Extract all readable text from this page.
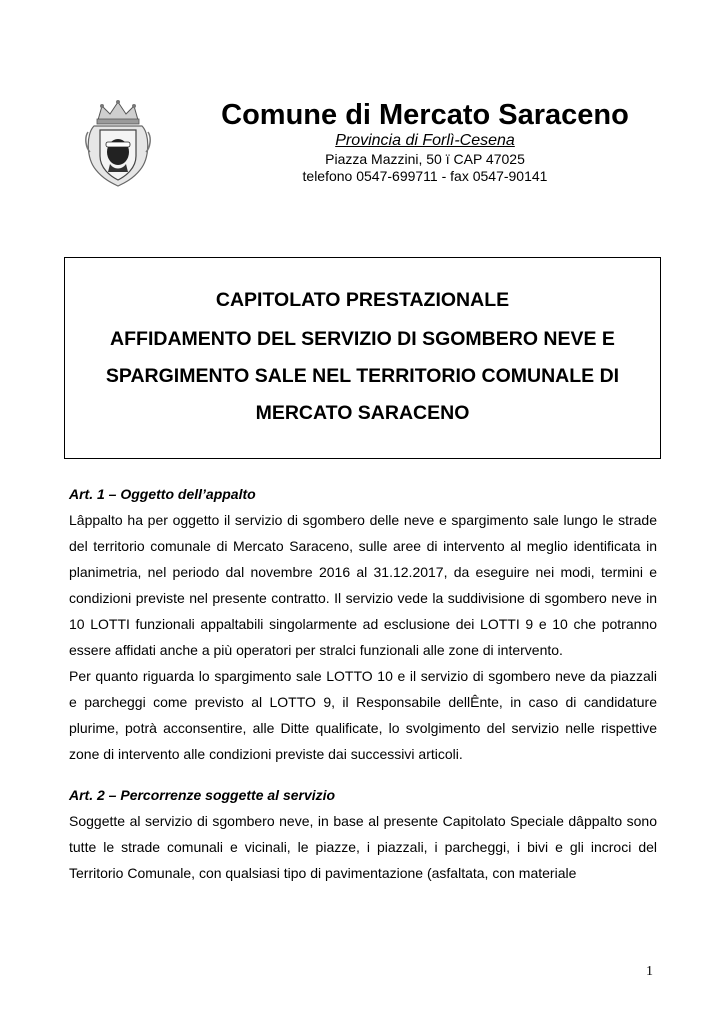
Comune di Mercato Saraceno
Provincia di Forlì-Cesena
Piazza Mazzini, 50 ï CAP 47025
telefono 0547-699711 - fax 0547-90141
CAPITOLATO PRESTAZIONALE
AFFIDAMENTO DEL SERVIZIO DI SGOMBERO NEVE E
SPARGIMENTO SALE NEL TERRITORIO COMUNALE DI
MERCATO SARACENO

Art. 1 – Oggetto dell’appalto

Lâppalto ha per oggetto il servizio di sgombero delle neve e spargimento sale lungo le strade del territorio comunale di Mercato Saraceno, sulle aree di intervento al meglio identificata in planimetria, nel periodo dal novembre 2016 al 31.12.2017, da eseguire nei modi, termini e condizioni previste nel presente contratto. Il servizio vede la suddivisione di sgombero neve in 10 LOTTI funzionali appaltabili singolarmente ad esclusione dei LOTTI 9 e 10 che potranno essere affidati anche a più operatori per stralci funzionali alle zone di intervento.

Per quanto riguarda lo spargimento sale LOTTO 10 e il servizio di sgombero neve da piazzali e parcheggi come previsto al LOTTO 9, il Responsabile dellÊnte, in caso di candidature plurime, potrà acconsentire, alle Ditte qualificate, lo svolgimento del servizio nelle rispettive zone di intervento alle condizioni previste dai successivi articoli.

Art. 2 – Percorrenze soggette al servizio

Soggette al servizio di sgombero neve, in base al presente Capitolato Speciale dâppalto sono tutte le strade comunali e vicinali, le piazze, i piazzali, i parcheggi, i bivi e gli incroci del Territorio Comunale, con qualsiasi tipo di pavimentazione (asfaltata, con materiale

1
